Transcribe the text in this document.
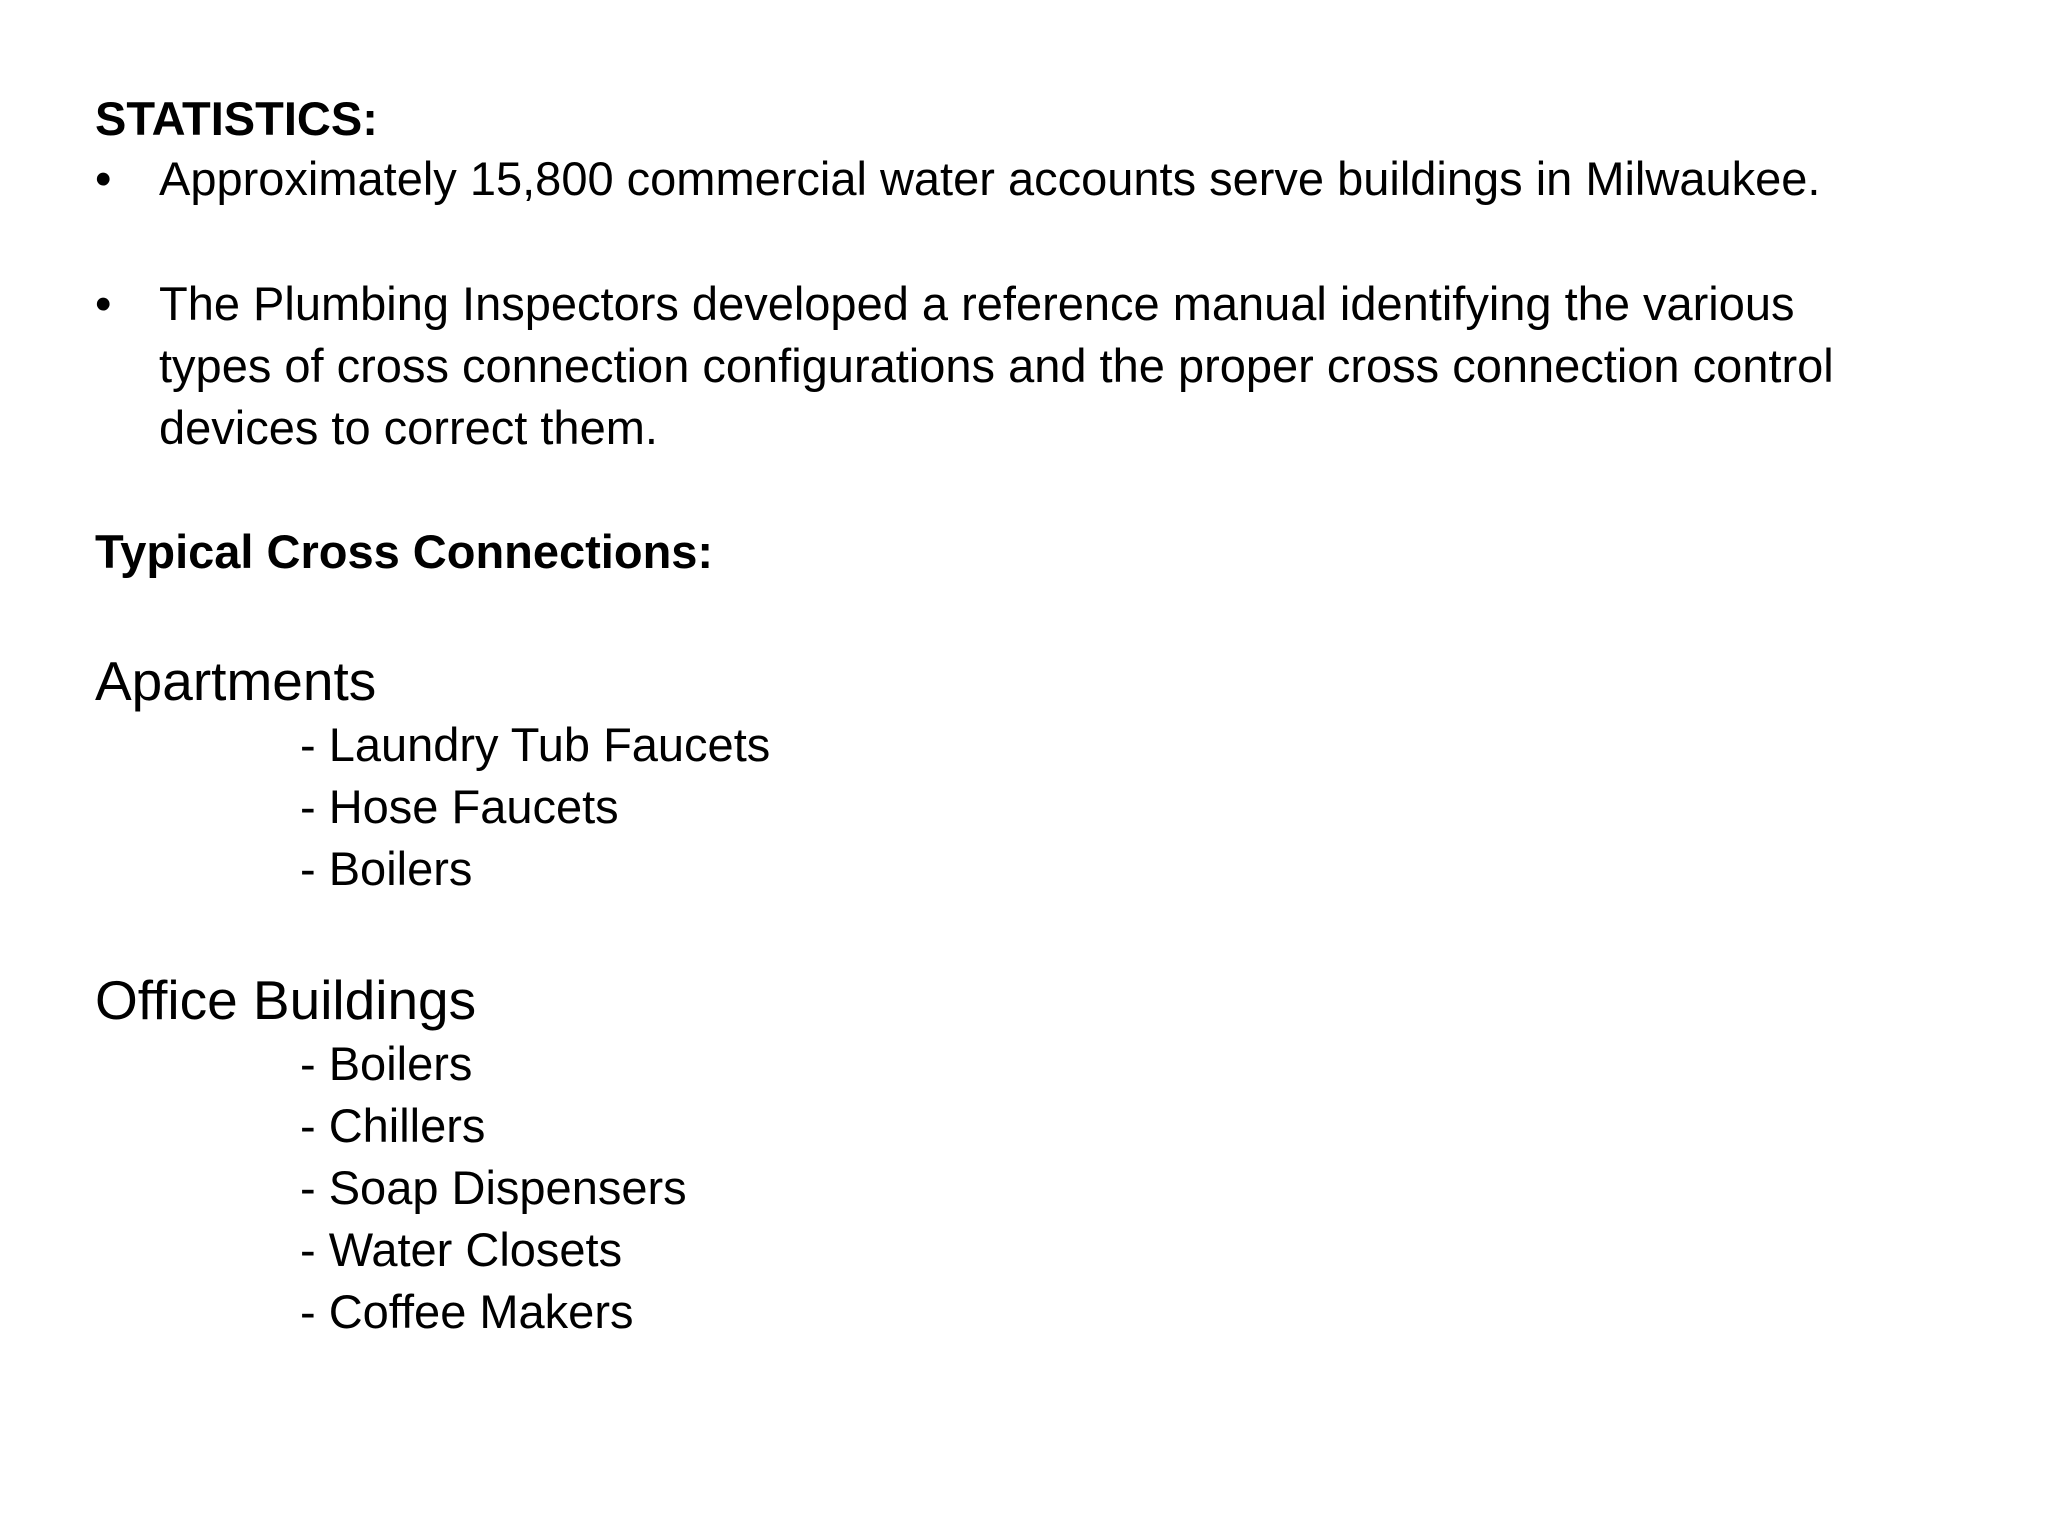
STATISTICS:
•	Approximately 15,800 commercial water accounts serve buildings in Milwaukee.
•	The Plumbing Inspectors developed a reference manual identifying the various
types of cross connection configurations and the proper cross connection control
devices to correct them.
Typical Cross Connections:
Apartments
- Laundry Tub Faucets
- Hose Faucets
- Boilers
Office Buildings
- Boilers
- Chillers
- Soap Dispensers
- Water Closets
- Coffee Makers
